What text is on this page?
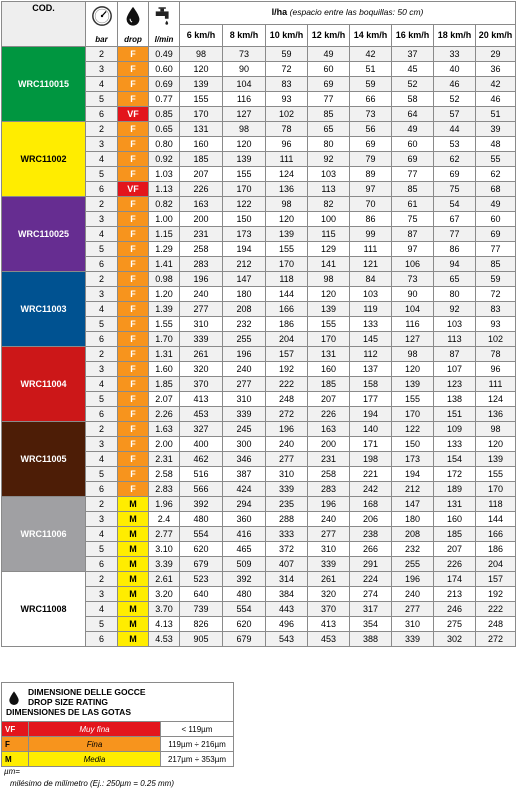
COD.	bar	drop	l/min	l/ha (espacio entre las boquillas: 50 cm)							
				6 km/h	8 km/h	10 km/h	12 km/h	14 km/h	16 km/h	18 km/h	20 km/h
WRC110015	2	F	0.49	98	73	59	49	42	37	33	29
	3	F	0.60	120	90	72	60	51	45	40	36
	4	F	0.69	139	104	83	69	59	52	46	42
	5	F	0.77	155	116	93	77	66	58	52	46
	6	VF	0.85	170	127	102	85	73	64	57	51
WRC11002	2	F	0.65	131	98	78	65	56	49	44	39
	3	F	0.80	160	120	96	80	69	60	53	48
	4	F	0.92	185	139	111	92	79	69	62	55
	5	F	1.03	207	155	124	103	89	77	69	62
	6	VF	1.13	226	170	136	113	97	85	75	68
WRC110025	2	F	0.82	163	122	98	82	70	61	54	49
	3	F	1.00	200	150	120	100	86	75	67	60
	4	F	1.15	231	173	139	115	99	87	77	69
	5	F	1.29	258	194	155	129	111	97	86	77
	6	F	1.41	283	212	170	141	121	106	94	85
WRC11003	2	F	0.98	196	147	118	98	84	73	65	59
	3	F	1.20	240	180	144	120	103	90	80	72
	4	F	1.39	277	208	166	139	119	104	92	83
	5	F	1.55	310	232	186	155	133	116	103	93
	6	F	1.70	339	255	204	170	145	127	113	102
WRC11004	2	F	1.31	261	196	157	131	112	98	87	78
	3	F	1.60	320	240	192	160	137	120	107	96
	4	F	1.85	370	277	222	185	158	139	123	111
	5	F	2.07	413	310	248	207	177	155	138	124
	6	F	2.26	453	339	272	226	194	170	151	136
WRC11005	2	F	1.63	327	245	196	163	140	122	109	98
	3	F	2.00	400	300	240	200	171	150	133	120
	4	F	2.31	462	346	277	231	198	173	154	139
	5	F	2.58	516	387	310	258	221	194	172	155
	6	F	2.83	566	424	339	283	242	212	189	170
WRC11006	2	M	1.96	392	294	235	196	168	147	131	118
	3	M	2.4	480	360	288	240	206	180	160	144
	4	M	2.77	554	416	333	277	238	208	185	166
	5	M	3.10	620	465	372	310	266	232	207	186
	6	M	3.39	679	509	407	339	291	255	226	204
WRC11008	2	M	2.61	523	392	314	261	224	196	174	157
	3	M	3.20	640	480	384	320	274	240	213	192
	4	M	3.70	739	554	443	370	317	277	246	222
	5	M	4.13	826	620	496	413	354	310	275	248
	6	M	4.53	905	679	543	453	388	339	302	272
DIMENSIONE DELLE GOCCE
DROP SIZE RATING
DIMENSIONES DE LAS GOTAS		
VF	Muy fina	< 119µm
F	Fina	119µm ÷ 216µm
M	Media	217µm ÷ 353µm
µm=
milésimo de milímetro (Ej.: 250µm = 0.25 mm)
